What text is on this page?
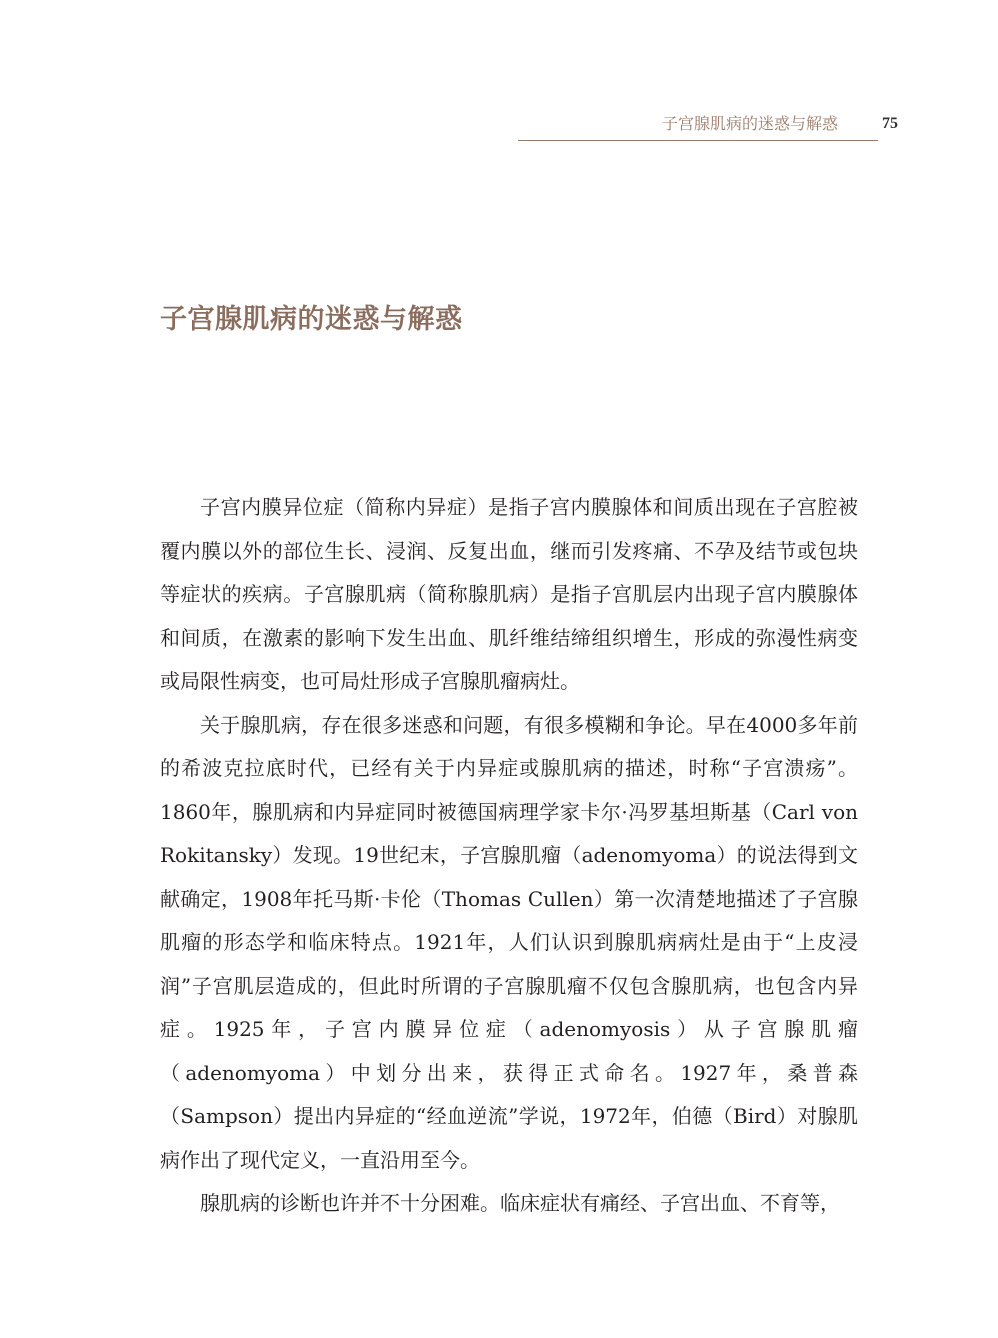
子宫腺肌病的迷惑与解惑	75
子宫腺肌病的迷惑与解惑

子宫内膜异位症（简称内异症）是指子宫内膜腺体和间质出现在子宫腔被覆内膜以外的部位生长、浸润、反复出血，继而引发疼痛、不孕及结节或包块等症状的疾病。子宫腺肌病（简称腺肌病）是指子宫肌层内出现子宫内膜腺体和间质，在激素的影响下发生出血、肌纤维结缔组织增生，形成的弥漫性病变或局限性病变，也可局灶形成子宫腺肌瘤病灶。

关于腺肌病，存在很多迷惑和问题，有很多模糊和争论。早在4000多年前的希波克拉底时代，已经有关于内异症或腺肌病的描述，时称“子宫溃疡”。1860年，腺肌病和内异症同时被德国病理学家卡尔·冯罗基坦斯基（Carl von Rokitansky）发现。19世纪末，子宫腺肌瘤（adenomyoma）的说法得到文献确定，1908年托马斯·卡伦（Thomas Cullen）第一次清楚地描述了子宫腺肌瘤的形态学和临床特点。1921年，人们认识到腺肌病病灶是由于“上皮浸润”子宫肌层造成的，但此时所谓的子宫腺肌瘤不仅包含腺肌病，也包含内异症。1925年，子宫内膜异位症（adenomyosis）从子宫腺肌瘤（adenomyoma）中划分出来，获得正式命名。1927年，桑普森（Sampson）提出内异症的“经血逆流”学说，1972年，伯德（Bird）对腺肌病作出了现代定义，一直沿用至今。

腺肌病的诊断也许并不十分困难。临床症状有痛经、子宫出血、不育等，
